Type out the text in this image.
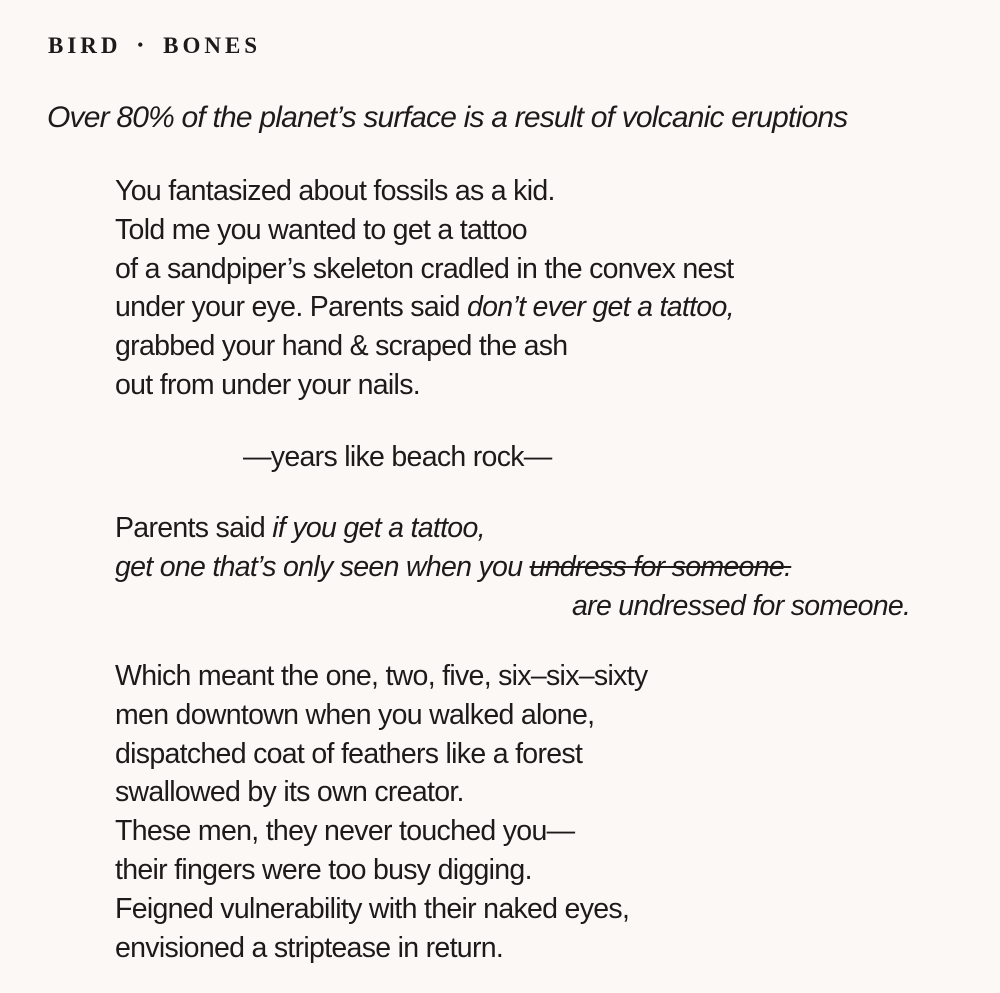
BIRD • BONES
Over 80% of the planet’s surface is a result of volcanic eruptions
You fantasized about fossils as a kid.
Told me you wanted to get a tattoo
of a sandpiper’s skeleton cradled in the convex nest
under your eye. Parents said don’t ever get a tattoo,
grabbed your hand & scraped the ash
out from under your nails.
—years like beach rock—
Parents said if you get a tattoo,
get one that’s only seen when you undress for someone.
are undressed for someone.
Which meant the one, two, five, six–six–sixty
men downtown when you walked alone,
dispatched coat of feathers like a forest
swallowed by its own creator.
These men, they never touched you—
their fingers were too busy digging.
Feigned vulnerability with their naked eyes,
envisioned a striptease in return.
